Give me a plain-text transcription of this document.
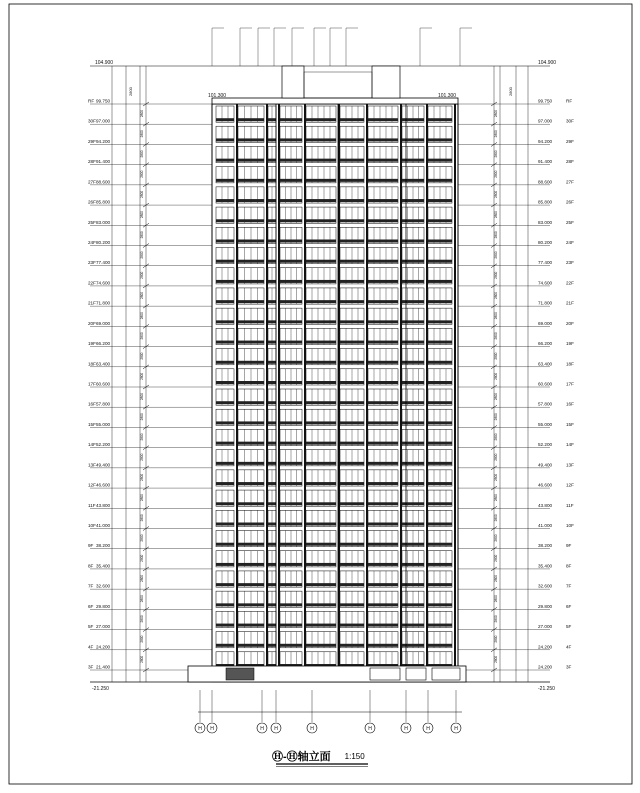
RF 99.750
2800
30F 97.000
2800
29F 94.200
2800
28F 91.400
2800
27F 88.600
2800
26F 85.800
2800
25F 83.000
2800
24F 80.200
2800
23F 77.400
2800
22F 74.600
2800
21F 71.800
2800
20F 69.000
2800
19F 66.200
2800
18F 63.400
2800
17F 60.600
2800
16F 57.800
2800
15F 55.000
2800
14F 52.200
2800
13F 49.400
2800
12F 46.600
2800
11F 43.800
2800
10F 41.000
2800
9F 38.200
2800
8F 35.400
2800
7F 32.600
2800
6F 29.800
2800
5F 27.000
2800
4F 24.200
2800
3F 21.400
RF
99.750
2800
30F
97.000
2800
29F
94.200
2800
28F
91.400
2800
27F
88.600
2800
26F
85.800
2800
25F
83.000
2800
24F
80.200
2800
23F
77.400
2800
22F
74.600
2800
21F
71.800
2800
20F
69.000
2800
19F
66.200
2800
18F
63.400
2800
17F
60.600
2800
16F
57.800
2800
15F
55.000
2800
14F
52.200
2800
13F
49.400
2800
12F
46.600
2800
11F
43.800
2800
10F
41.000
2800
9F
38.200
2800
8F
35.400
2800
7F
32.600
2800
6F
29.800
2800
5F
27.000
2800
4F
24.200
2800
3F
24.200
H H	H H	H	H	H	H	H
104.900	104.900
101.300	101.300
-21.250	-21.250
2800	2800
Ⓗ-Ⓗ轴立面 1:150
